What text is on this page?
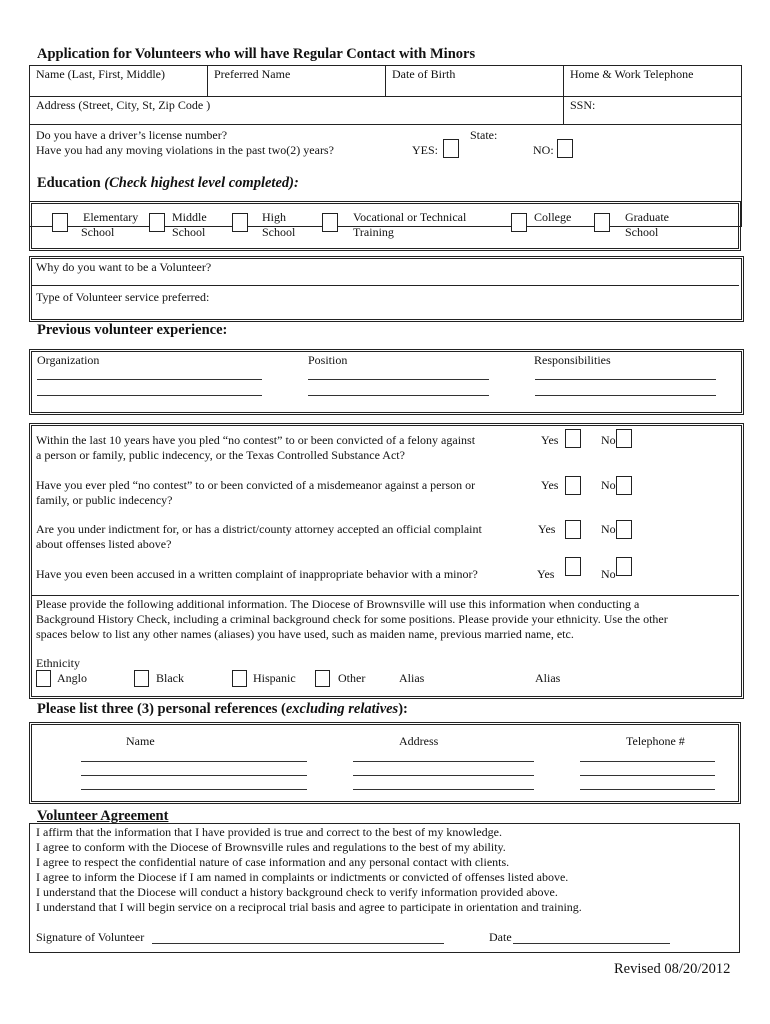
Application for Volunteers who will have Regular Contact with Minors
Name (Last, First, Middle)	Preferred Name	Date of Birth	Home & Work Telephone
Address (Street, City, St, Zip Code )	SSN:
Do you have a driver’s license number?	State:
Have you had any moving violations in the past two(2) years?	YES:	NO:
Education (Check highest level completed):
Elementary
School
Middle
School
High
School
Vocational or Technical
Training
College	Graduate
School
Why do you want to be a Volunteer?
Type of Volunteer service preferred:
Previous volunteer experience:
Organization	Position	Responsibilities
Within the last 10 years have you pled “no contest” to or been convicted of a felony against
a person or family, public indecency, or the Texas Controlled Substance Act?
Yes	No
Have you ever pled “no contest” to or been convicted of a misdemeanor against a person or
family, or public indecency?
Yes	No
Are you under indictment for, or has a district/county attorney accepted an official complaint
about offenses listed above?
Yes	No
Have you even been accused in a written complaint of inappropriate behavior with a minor?	Yes	No
Please provide the following additional information. The Diocese of Brownsville will use this information when conducting a
Background History Check, including a criminal background check for some positions. Please provide your ethnicity. Use the other
spaces below to list any other names (aliases) you have used, such as maiden name, previous married name, etc.
Ethnicity
Anglo	Black	Hispanic	Other	Alias	Alias
Please list three (3) personal references (excluding relatives):
Name	Address	Telephone #
Volunteer Agreement
I affirm that the information that I have provided is true and correct to the best of my knowledge.
I agree to conform with the Diocese of Brownsville rules and regulations to the best of my ability.
I agree to respect the confidential nature of case information and any personal contact with clients.
I agree to inform the Diocese if I am named in complaints or indictments or convicted of offenses listed above.
I understand that the Diocese will conduct a history background check to verify information provided above.
I understand that I will begin service on a reciprocal trial basis and agree to participate in orientation and training.
Signature of Volunteer	Date
Revised 08/20/2012
